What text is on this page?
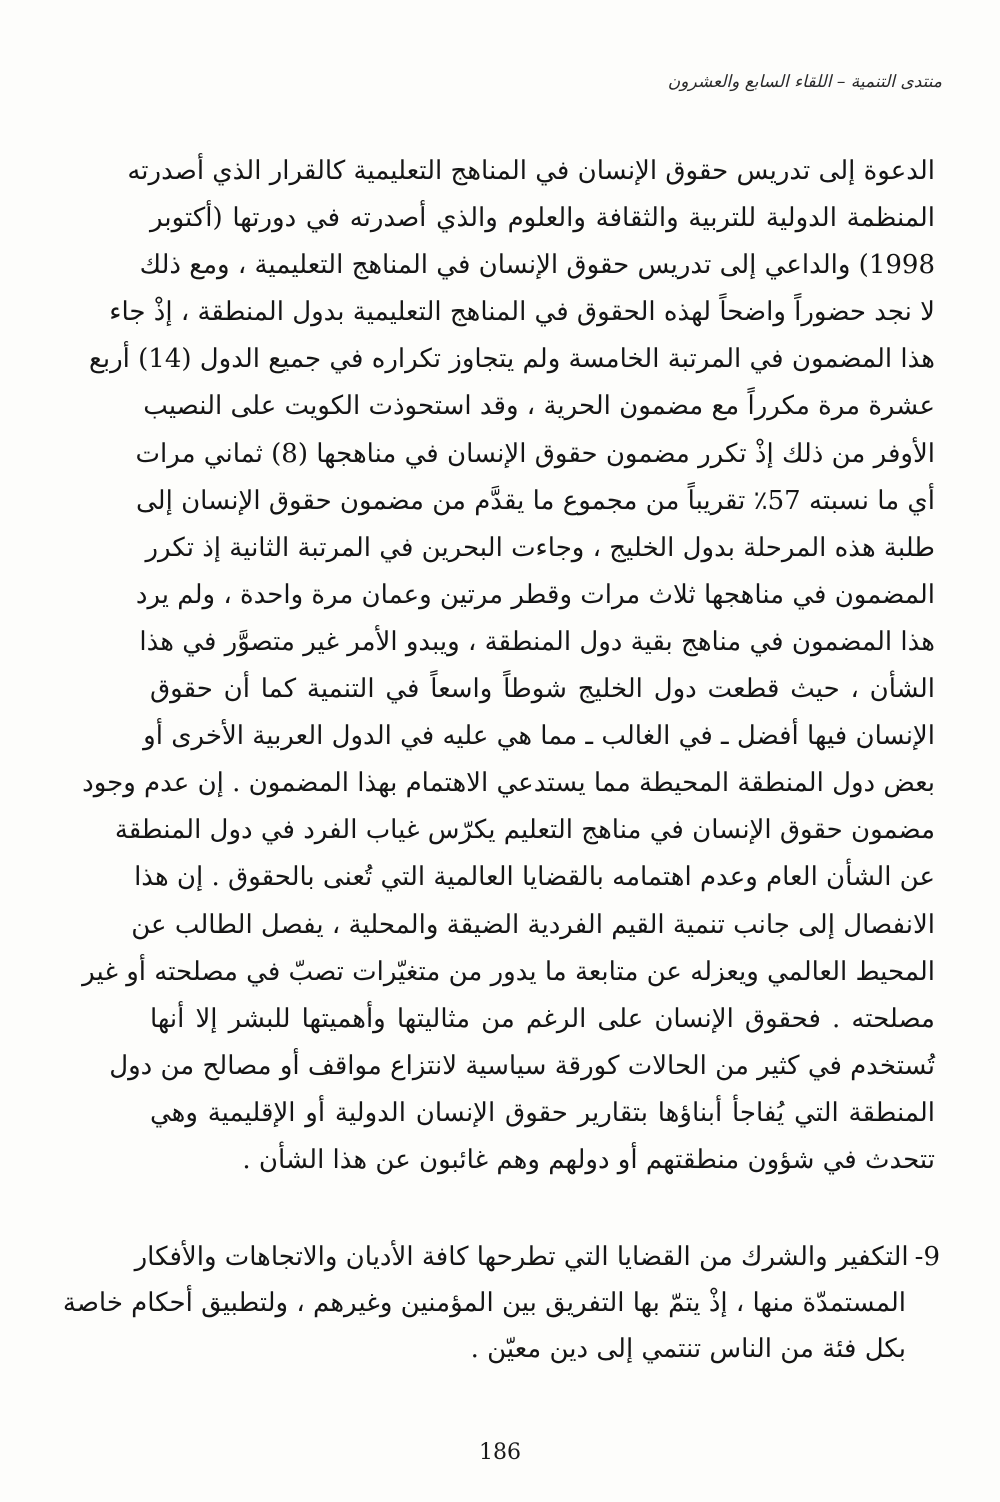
منتدى التنمية – اللقاء السابع والعشرون
الدعوة إلى تدريس حقوق الإنسان في المناهج التعليمية كالقرار الذي أصدرته
المنظمة الدولية للتربية والثقافة والعلوم والذي أصدرته في دورتها (أكتوبر
1998) والداعي إلى تدريس حقوق الإنسان في المناهج التعليمية ، ومع ذلك
لا نجد حضوراً واضحاً لهذه الحقوق في المناهج التعليمية بدول المنطقة ، إذْ جاء
هذا المضمون في المرتبة الخامسة ولم يتجاوز تكراره في جميع الدول (14) أربع
عشرة مرة مكرراً مع مضمون الحرية ، وقد استحوذت الكويت على النصيب
الأوفر من ذلك إذْ تكرر مضمون حقوق الإنسان في مناهجها (8) ثماني مرات
أي ما نسبته 57٪ تقريباً من مجموع ما يقدَّم من مضمون حقوق الإنسان إلى
طلبة هذه المرحلة بدول الخليج ، وجاءت البحرين في المرتبة الثانية إذ تكرر
المضمون في مناهجها ثلاث مرات وقطر مرتين وعمان مرة واحدة ، ولم يرد
هذا المضمون في مناهج بقية دول المنطقة ، ويبدو الأمر غير متصوَّر في هذا
الشأن ، حيث قطعت دول الخليج شوطاً واسعاً في التنمية كما أن حقوق
الإنسان فيها أفضل ـ في الغالب ـ مما هي عليه في الدول العربية الأخرى أو
بعض دول المنطقة المحيطة مما يستدعي الاهتمام بهذا المضمون . إن عدم وجود
مضمون حقوق الإنسان في مناهج التعليم يكرّس غياب الفرد في دول المنطقة
عن الشأن العام وعدم اهتمامه بالقضايا العالمية التي تُعنى بالحقوق . إن هذا
الانفصال إلى جانب تنمية القيم الفردية الضيقة والمحلية ، يفصل الطالب عن
المحيط العالمي ويعزله عن متابعة ما يدور من متغيّرات تصبّ في مصلحته أو غير
مصلحته . فحقوق الإنسان على الرغم من مثاليتها وأهميتها للبشر إلا أنها
تُستخدم في كثير من الحالات كورقة سياسية لانتزاع مواقف أو مصالح من دول
المنطقة التي يُفاجأ أبناؤها بتقارير حقوق الإنسان الدولية أو الإقليمية وهي
تتحدث في شؤون منطقتهم أو دولهم وهم غائبون عن هذا الشأن .
9-التكفير والشرك من القضايا التي تطرحها كافة الأديان والاتجاهات والأفكار
المستمدّة منها ، إذْ يتمّ بها التفريق بين المؤمنين وغيرهم ، ولتطبيق أحكام خاصة
بكل فئة من الناس تنتمي إلى دين معيّن .
186
